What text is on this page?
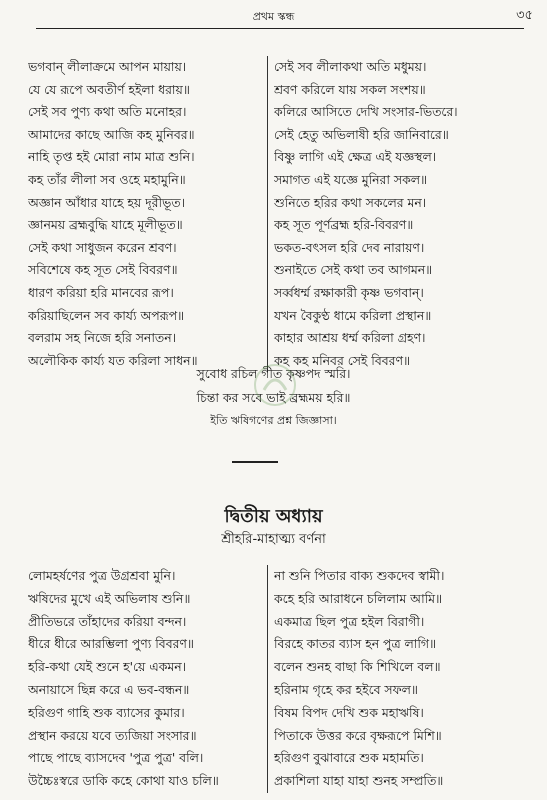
প্রথম স্কন্ধ	৩৫
ভগবান্ লীলাক্রমে আপন মায়ায়।
যে যে রূপে অবতীর্ণ হইলা ধরায়॥
সেই সব পুণ্য কথা অতি মনোহর।
আমাদের কাছে আজি কহ মুনিবর॥
নাহি তৃপ্ত হই মোরা নাম মাত্র শুনি।
কহ তাঁর লীলা সব ওহে মহামুনি॥
অজ্ঞান আঁধার যাহে হয় দূরীভূত।
জ্ঞানময় ব্রহ্মবুদ্ধি যাহে মূলীভূত॥
সেই কথা সাধুজন করেন শ্রবণ।
সবিশেষে কহ সূত সেই বিবরণ॥
ধারণ করিয়া হরি মানবের রূপ।
করিয়াছিলেন সব কার্য্য অপরূপ॥
বলরাম সহ নিজে হরি সনাতন।
অলৌকিক কার্য্য যত করিলা সাধন॥
সেই সব লীলাকথা অতি মধুময়।
শ্রবণ করিলে যায় সকল সংশয়॥
কলিরে আসিতে দেখি সংসার-ভিতরে।
সেই হেতু অভিলাষী হরি জানিবারে॥
বিষ্ণু লাগি এই ক্ষেত্র এই যজ্ঞস্থল।
সমাগত এই যজ্ঞে মুনিরা সকল॥
শুনিতে হরির কথা সকলের মন।
কহ সূত পূর্ণব্রহ্ম হরি-বিবরণ॥
ভকত-বৎসল হরি দেব নারায়ণ।
শুনাইতে সেই কথা তব আগমন॥
সর্ব্বধর্ম্ম রক্ষাকারী কৃষ্ণ ভগবান্।
যখন বৈকুণ্ঠ ধামে করিলা প্রস্থান॥
কাহার আশ্রয় ধর্ম্ম করিলা গ্রহণ।
কহ কহ মনিবর সেই বিবরণ॥
সুবোধ রচিল গীত কৃষ্ণপদ স্মরি।
চিন্তা কর সবে ভাই ব্রহ্মময় হরি॥
ইতি ঋষিগণের প্রশ্ন জিজ্ঞাসা।
দ্বিতীয় অধ্যায়
শ্রীহরি-মাহাত্ম্য বর্ণনা
লোমহর্ষণের পুত্র উগ্রশ্রবা মুনি।
ঋষিদের মুখে এই অভিলাষ শুনি॥
প্রীতিভরে তাঁহাদের করিয়া বন্দন।
ধীরে ধীরে আরম্ভিলা পুণ্য বিবরণ॥
হরি-কথা যেই শুনে হ'য়ে একমন।
অনায়াসে ছিন্ন করে এ ভব-বন্ধন॥
হরিগুণ গাহি শুক ব্যাসের কুমার।
প্রস্থান করয়ে যবে ত্যজিয়া সংসার॥
পাছে পাছে ব্যাসদেব 'পুত্র পুত্র' বলি।
উচ্চৈঃস্বরে ডাকি কহে কোথা যাও চলি॥
না শুনি পিতার বাক্য শুকদেব স্বামী।
কহে হরি আরাধনে চলিলাম আমি॥
একমাত্র ছিল পুত্র হইল বিরাগী।
বিরহে কাতর ব্যাস হন পুত্র লাগি॥
বলেন শুনহ বাছা কি শিখিলে বল॥
হরিনাম গৃহে কর হইবে সফল॥
বিষম বিপদ দেখি শুক মহাঋষি।
পিতাকে উত্তর করে বৃক্ষরূপে মিশি॥
হরিগুণ বুঝাবারে শুক মহামতি।
প্রকাশিলা যাহা যাহা শুনহ সম্প্রতি॥
